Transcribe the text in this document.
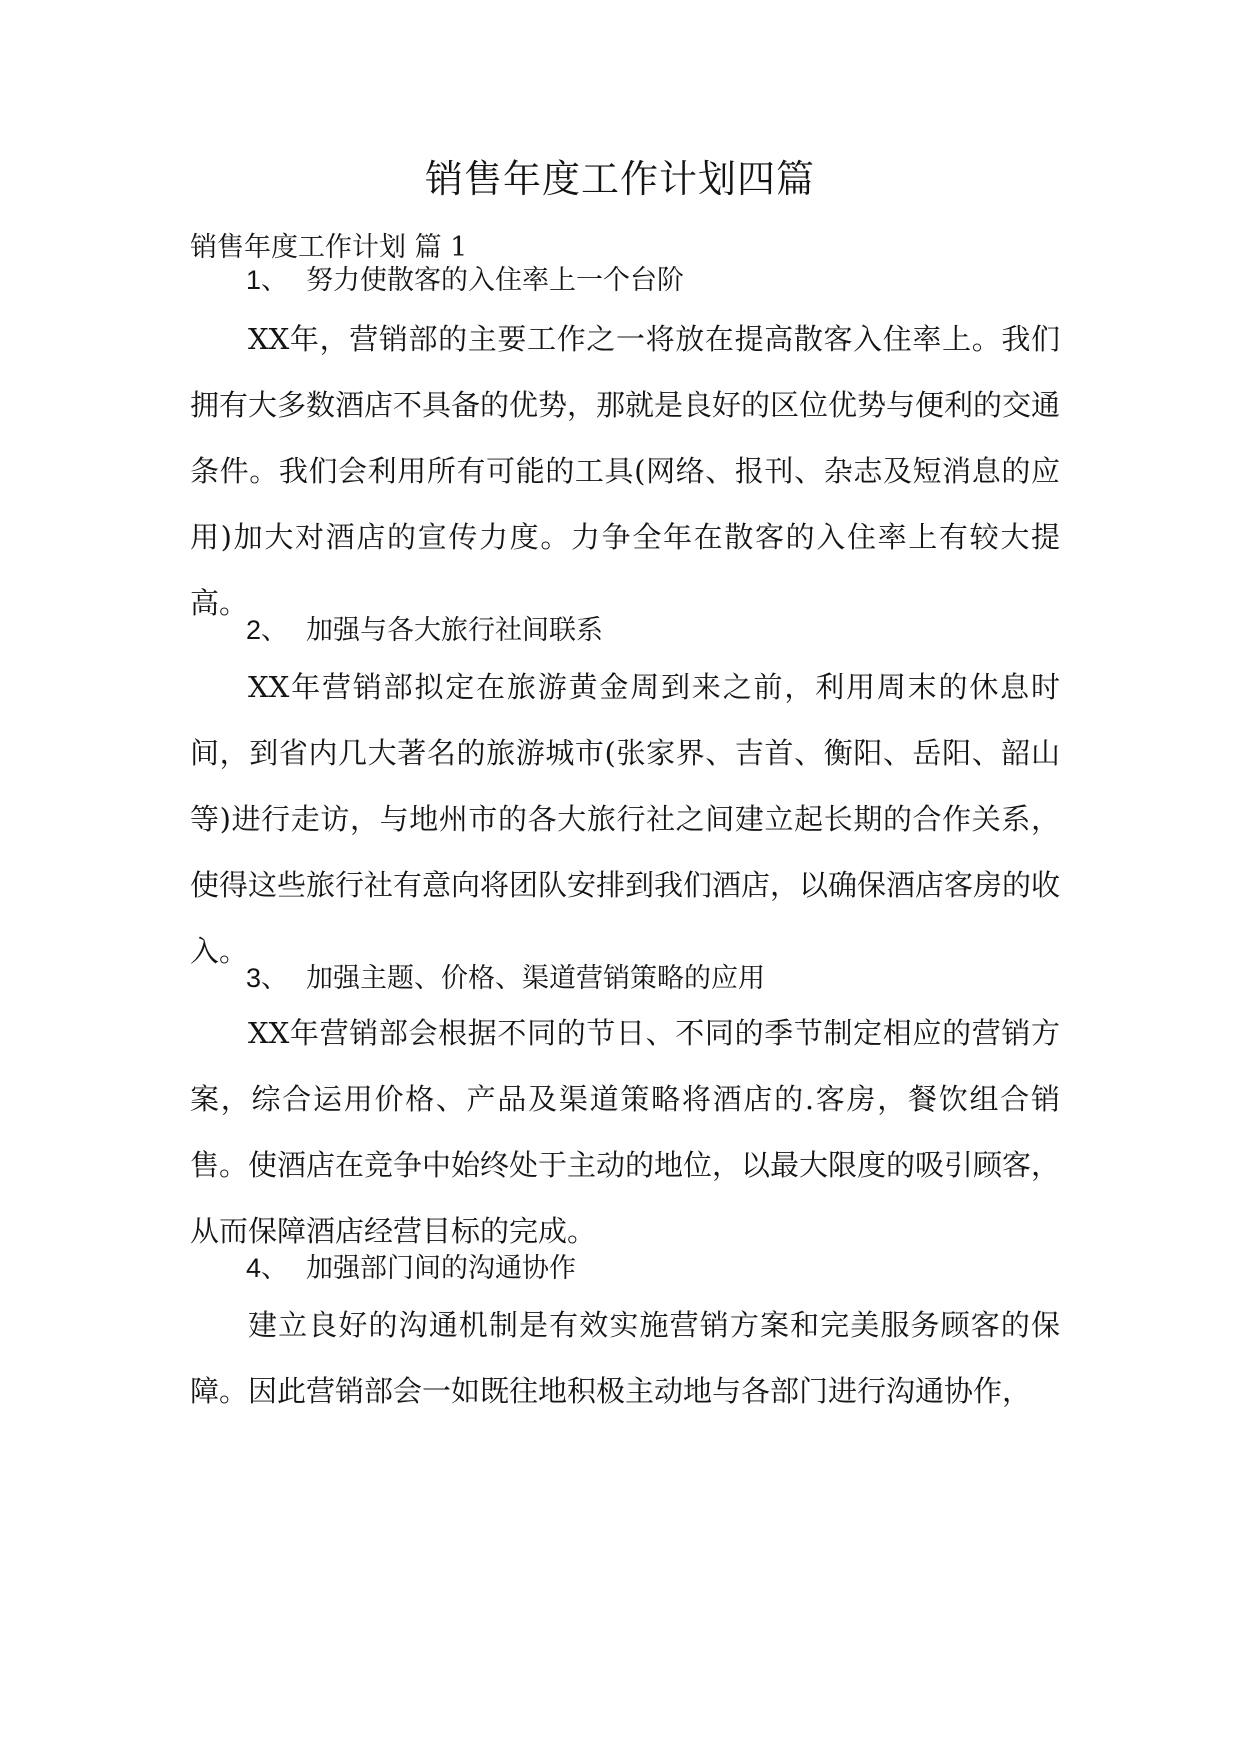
销售年度工作计划四篇
销售年度工作计划 篇 1
1、 努力使散客的入住率上一个台阶
XX年，营销部的主要工作之一将放在提高散客入住率上。我们拥有大多数酒店不具备的优势，那就是良好的区位优势与便利的交通条件。我们会利用所有可能的工具(网络、报刊、杂志及短消息的应用)加大对酒店的宣传力度。力争全年在散客的入住率上有较大提高。
2、 加强与各大旅行社间联系
XX年营销部拟定在旅游黄金周到来之前，利用周末的休息时间，到省内几大著名的旅游城市(张家界、吉首、衡阳、岳阳、韶山等)进行走访，与地州市的各大旅行社之间建立起长期的合作关系，使得这些旅行社有意向将团队安排到我们酒店，以确保酒店客房的收入。
3、 加强主题、价格、渠道营销策略的应用
XX年营销部会根据不同的节日、不同的季节制定相应的营销方案，综合运用价格、产品及渠道策略将酒店的.客房，餐饮组合销售。使酒店在竞争中始终处于主动的地位，以最大限度的吸引顾客，从而保障酒店经营目标的完成。
4、 加强部门间的沟通协作
建立良好的沟通机制是有效实施营销方案和完美服务顾客的保障。因此营销部会一如既往地积极主动地与各部门进行沟通协作，
